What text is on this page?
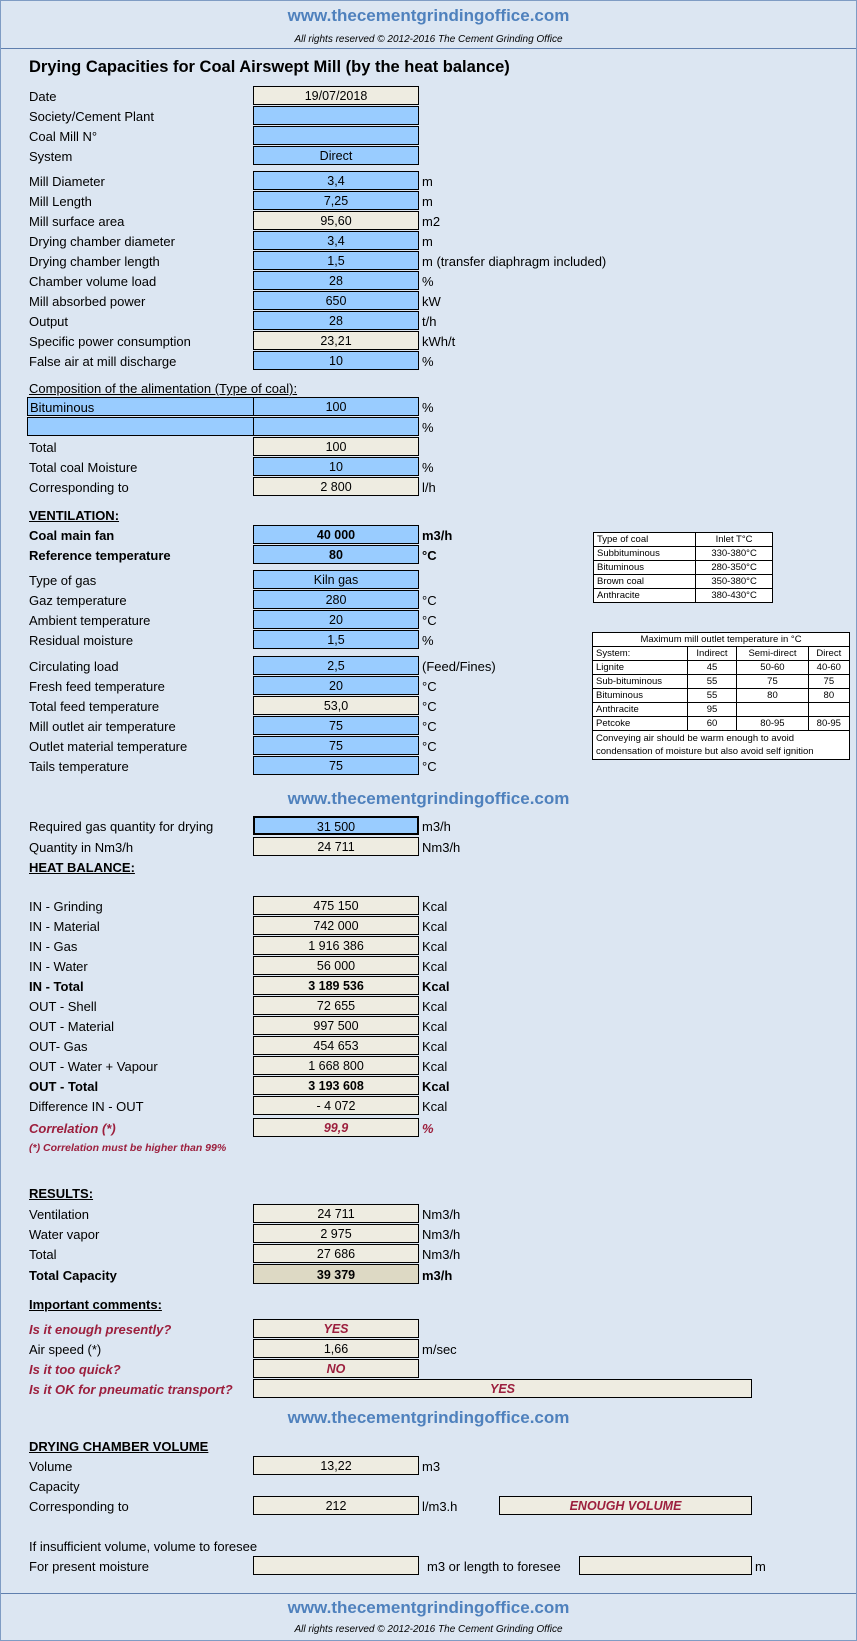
www.thecementgrindingoffice.com
All rights reserved © 2012-2016 The Cement Grinding Office
Drying Capacities for Coal Airswept Mill (by the heat balance)
Date	19/07/2018
Society/Cement Plant
Coal Mill N°
System	Direct
Mill Diameter	3,4	m
Mill Length	7,25	m
Mill surface area	95,60	m2
Drying chamber diameter	3,4	m
Drying chamber length	1,5	m (transfer diaphragm included)
Chamber volume load	28	%
Mill absorbed power	650	kW
Output	28	t/h
Specific power consumption	23,21	kWh/t
False air at mill discharge	10	%
Composition of the alimentation (Type of coal):
Bituminous	100	%
%
Total	100
Total coal Moisture	10	%
Corresponding to	2 800	l/h
VENTILATION:
Coal main fan	40 000	m3/h
Reference temperature	80	°C
Type of gas	Kiln gas
Gaz temperature	280	°C
Ambient temperature	20	°C
Residual moisture	1,5	%
Circulating load	2,5	(Feed/Fines)
Fresh feed temperature	20	°C
Total feed temperature	53,0	°C
Mill outlet air temperature	75	°C
Outlet material temperature	75	°C
Tails temperature	75	°C
Type of coal	Inlet T°C
Subbituminous	330-380°C
Bituminous	280-350°C
Brown coal	350-380°C
Anthracite	380-430°C
Maximum mill outlet temperature in °C			
System:	Indirect	Semi-direct	Direct
Lignite	45	50-60	40-60
Sub-bituminous	55	75	75
Bituminous	55	80	80
Anthracite	95		
Petcoke	60	80-95	80-95

Conveying air should be warm enough to avoid
condensation of moisture but also avoid self ignition			
www.thecementgrindingoffice.com
Required gas quantity for drying	31 500	m3/h
Quantity in Nm3/h	24 711	Nm3/h
HEAT BALANCE:
IN - Grinding	475 150	Kcal
IN - Material	742 000	Kcal
IN - Gas	1 916 386	Kcal
IN - Water	56 000	Kcal
IN - Total	3 189 536	Kcal
OUT - Shell	72 655	Kcal
OUT - Material	997 500	Kcal
OUT- Gas	454 653	Kcal
OUT - Water + Vapour	1 668 800	Kcal
OUT - Total	3 193 608	Kcal
Difference IN - OUT	- 4 072	Kcal
Correlation (*)	99,9	%
(*) Correlation must be higher than 99%
RESULTS:
Ventilation	24 711	Nm3/h
Water vapor	2 975	Nm3/h
Total	27 686	Nm3/h
Total Capacity	39 379	m3/h
Important comments:
Is it enough presently?	YES
Air speed (*)	1,66	m/sec
Is it too quick?	NO
Is it OK for pneumatic transport?	YES
www.thecementgrindingoffice.com
DRYING CHAMBER VOLUME
Volume	13,22	m3
Capacity
Corresponding to	212	l/m3.h	ENOUGH VOLUME
If insufficient volume, volume to foresee
For present moisture	m3 or length to foresee	m
www.thecementgrindingoffice.com
All rights reserved © 2012-2016 The Cement Grinding Office
